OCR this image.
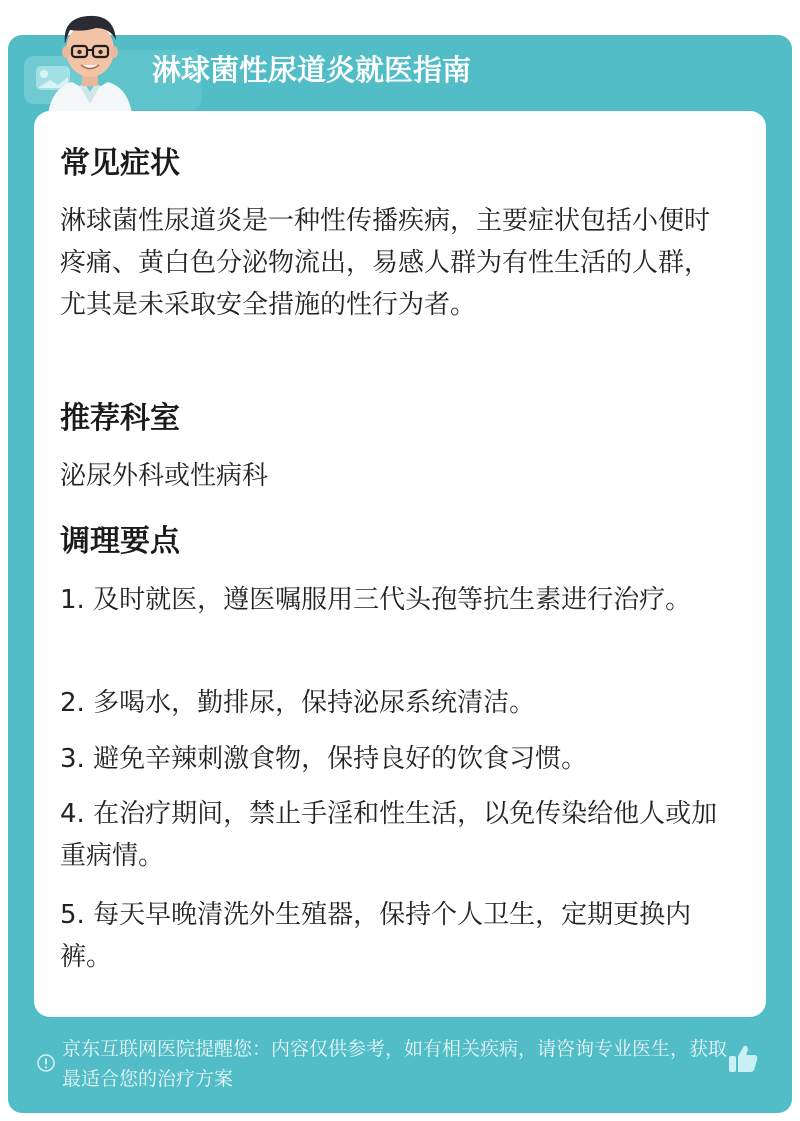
淋球菌性尿道炎就医指南
常见症状
淋球菌性尿道炎是一种性传播疾病，主要症状包括小便时疼痛、黄白色分泌物流出，易感人群为有性生活的人群，尤其是未采取安全措施的性行为者。
推荐科室
泌尿外科或性病科
调理要点
1. 及时就医，遵医嘱服用三代头孢等抗生素进行治疗。
2. 多喝水，勤排尿，保持泌尿系统清洁。
3. 避免辛辣刺激食物，保持良好的饮食习惯。
4. 在治疗期间，禁止手淫和性生活，以免传染给他人或加重病情。
5. 每天早晚清洗外生殖器，保持个人卫生，定期更换内裤。
京东互联网医院提醒您：内容仅供参考，如有相关疾病，请咨询专业医生，获取最适合您的治疗方案
